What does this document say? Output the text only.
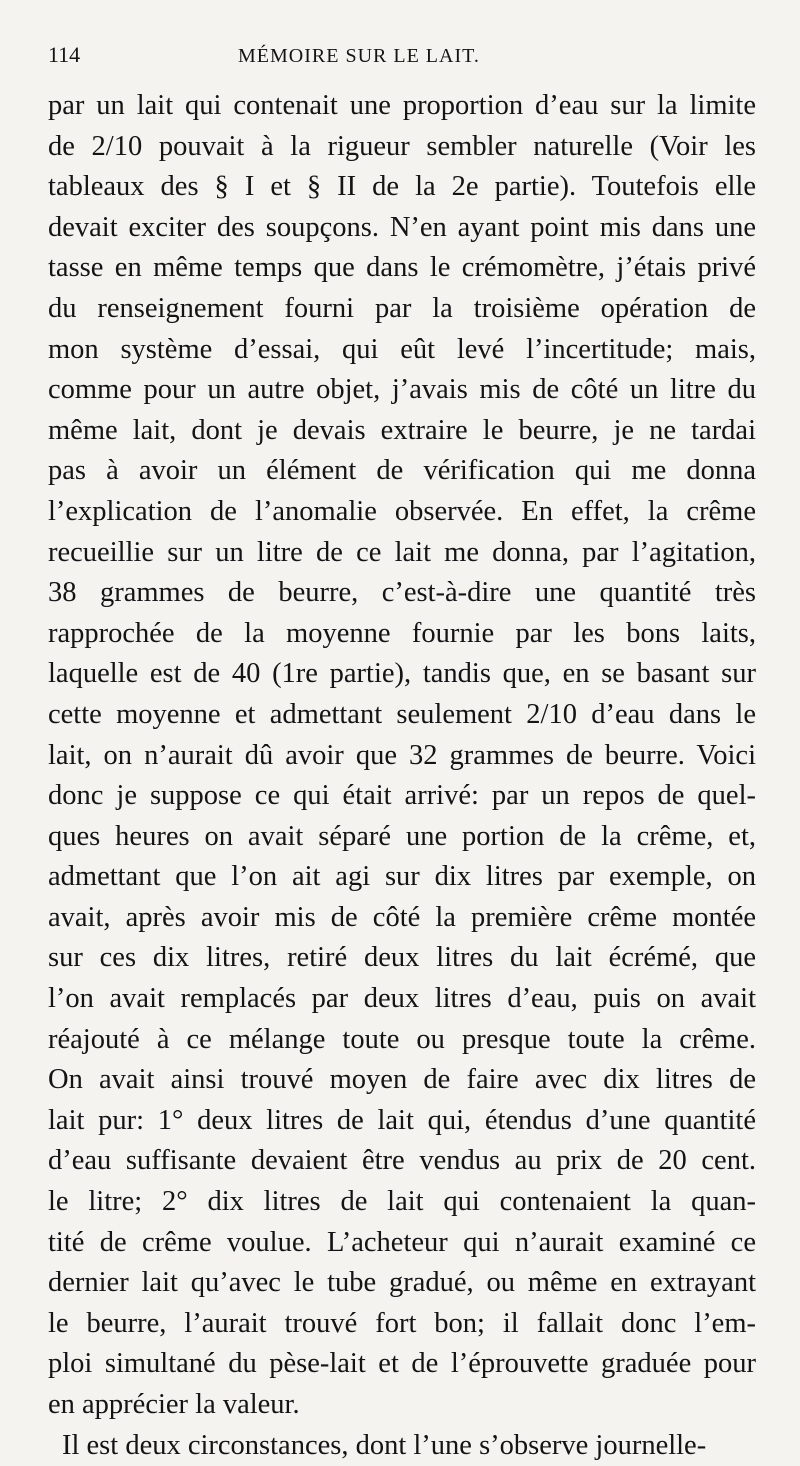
114	MÉMOIRE SUR LE LAIT.
par un lait qui contenait une proportion d’eau sur la limite
de 2/10 pouvait à la rigueur sembler naturelle (Voir les
tableaux des § I et § II de la 2e partie). Toutefois elle
devait exciter des soupçons. N’en ayant point mis dans une
tasse en même temps que dans le crémomètre, j’étais privé
du renseignement fourni par la troisième opération de
mon système d’essai, qui eût levé l’incertitude; mais,
comme pour un autre objet, j’avais mis de côté un litre du
même lait, dont je devais extraire le beurre, je ne tardai
pas à avoir un élément de vérification qui me donna
l’explication de l’anomalie observée. En effet, la crême
recueillie sur un litre de ce lait me donna, par l’agitation,
38 grammes de beurre, c’est-à-dire une quantité très
rapprochée de la moyenne fournie par les bons laits,
laquelle est de 40 (1re partie), tandis que, en se basant sur
cette moyenne et admettant seulement 2/10 d’eau dans le
lait, on n’aurait dû avoir que 32 grammes de beurre. Voici
donc je suppose ce qui était arrivé: par un repos de quel-
ques heures on avait séparé une portion de la crême, et,
admettant que l’on ait agi sur dix litres par exemple, on
avait, après avoir mis de côté la première crême montée
sur ces dix litres, retiré deux litres du lait écrémé, que
l’on avait remplacés par deux litres d’eau, puis on avait
réajouté à ce mélange toute ou presque toute la crême.
On avait ainsi trouvé moyen de faire avec dix litres de
lait pur: 1° deux litres de lait qui, étendus d’une quantité
d’eau suffisante devaient être vendus au prix de 20 cent.
le litre; 2° dix litres de lait qui contenaient la quan-
tité de crême voulue. L’acheteur qui n’aurait examiné ce
dernier lait qu’avec le tube gradué, ou même en extrayant
le beurre, l’aurait trouvé fort bon; il fallait donc l’em-
ploi simultané du pèse-lait et de l’éprouvette graduée pour
en apprécier la valeur.
Il est deux circonstances, dont l’une s’observe journelle-
